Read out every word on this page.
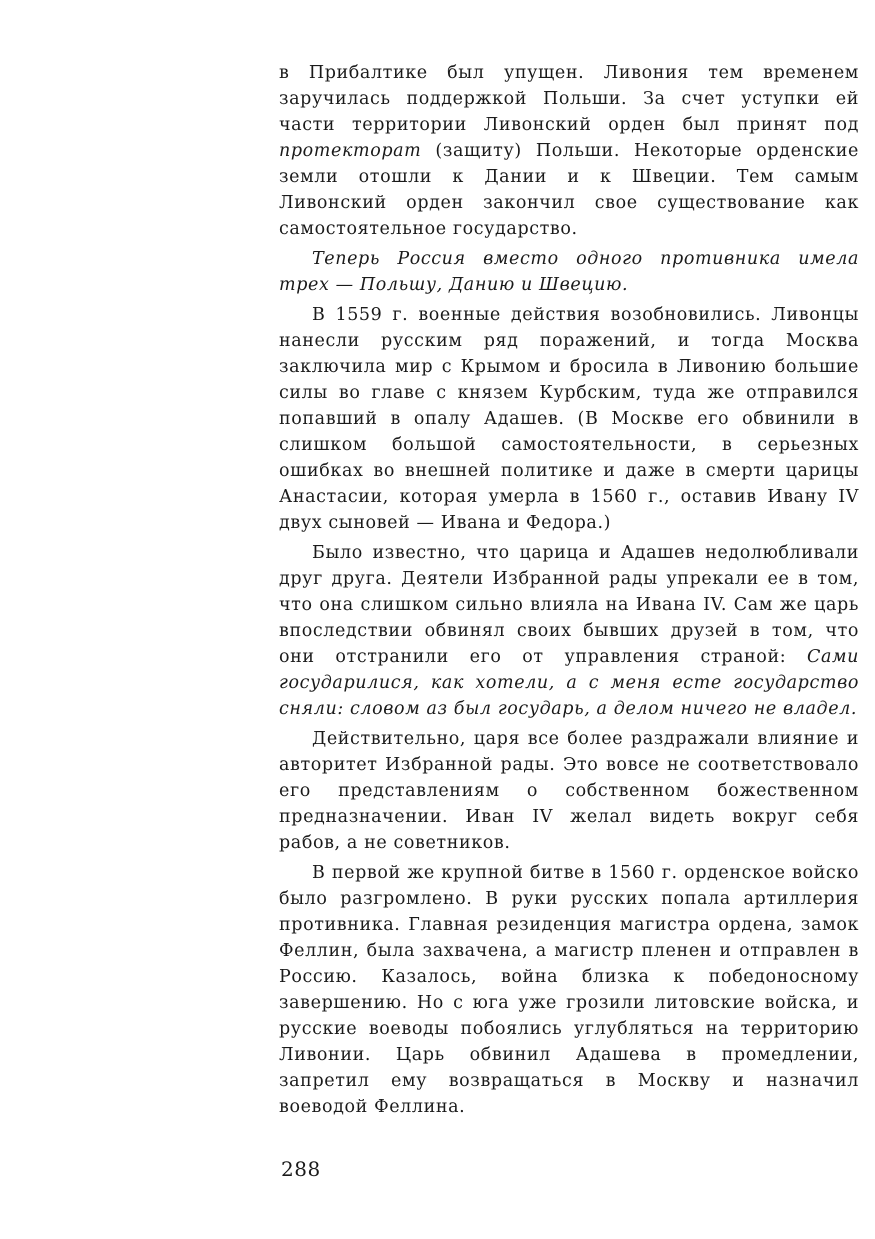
в Прибалтике был упущен. Ливония тем временем заручилась поддержкой Польши. За счет уступки ей части территории Ливонский орден был принят под протекторат (защиту) Польши. Некоторые орденские земли отошли к Дании и к Швеции. Тем самым Ливонский орден закончил свое существование как самостоятельное государство.

Теперь Россия вместо одного противника имела трех — Польшу, Данию и Швецию.

В 1559 г. военные действия возобновились. Ливонцы нанесли русским ряд поражений, и тогда Москва заключила мир с Крымом и бросила в Ливонию большие силы во главе с князем Курбским, туда же отправился попавший в опалу Адашев. (В Москве его обвинили в слишком большой самостоятельности, в серьезных ошибках во внешней политике и даже в смерти царицы Анастасии, которая умерла в 1560 г., оставив Ивану IV двух сыновей — Ивана и Федора.)

Было известно, что царица и Адашев недолюбливали друг друга. Деятели Избранной рады упрекали ее в том, что она слишком сильно влияла на Ивана IV. Сам же царь впоследствии обвинял своих бывших друзей в том, что они отстранили его от управления страной: Сами государилися, как хотели, а с меня есте государство сняли: словом аз был государь, а делом ничего не владел.

Действительно, царя все более раздражали влияние и авторитет Избранной рады. Это вовсе не соответствовало его представлениям о собственном божественном предназначении. Иван IV желал видеть вокруг себя рабов, а не советников.

В первой же крупной битве в 1560 г. орденское войско было разгромлено. В руки русских попала артиллерия противника. Главная резиденция магистра ордена, замок Феллин, была захвачена, а магистр пленен и отправлен в Россию. Казалось, война близка к победоносному завершению. Но с юга уже грозили литовские войска, и русские воеводы побоялись углубляться на территорию Ливонии. Царь обвинил Адашева в промедлении, запретил ему возвращаться в Москву и назначил воеводой Феллина.

288
